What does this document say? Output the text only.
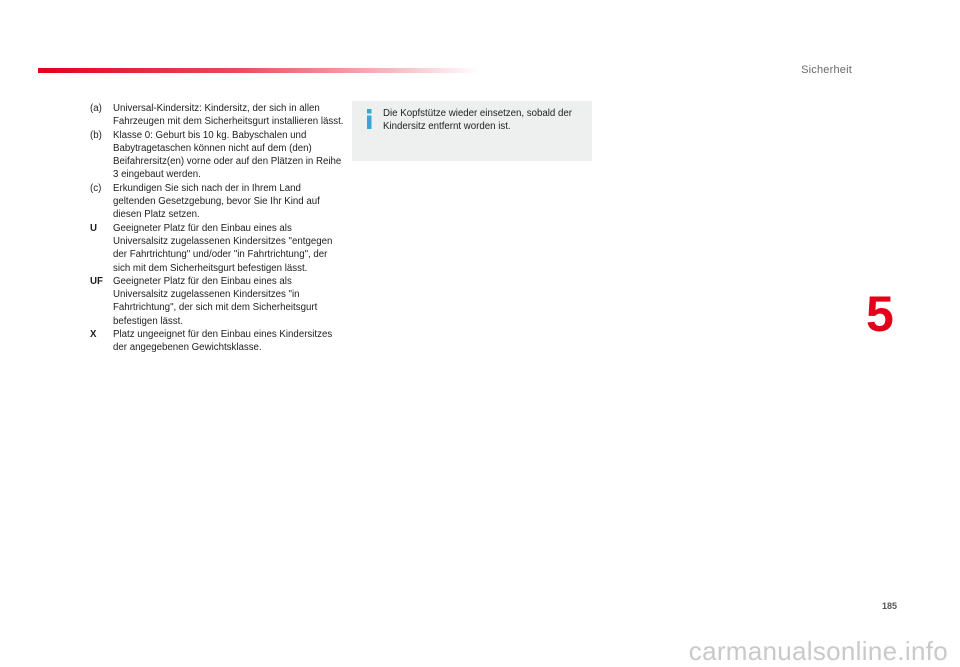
Sicherheit
(a)	Universal-Kindersitz: Kindersitz, der sich in allen Fahrzeugen mit dem Sicherheitsgurt installieren lässt.
(b)	Klasse 0: Geburt bis 10 kg. Babyschalen und Babytragetaschen können nicht auf dem (den) Beifahrersitz(en) vorne oder auf den Plätzen in Reihe 3 eingebaut werden.
(c)	Erkundigen Sie sich nach der in Ihrem Land geltenden Gesetzgebung, bevor Sie Ihr Kind auf diesen Platz setzen.
U	Geeigneter Platz für den Einbau eines als Universalsitz zugelassenen Kindersitzes "entgegen der Fahrtrichtung" und/oder "in Fahrtrichtung", der sich mit dem Sicherheitsgurt befestigen lässt.
UF	Geeigneter Platz für den Einbau eines als Universalsitz zugelassenen Kindersitzes "in Fahrtrichtung", der sich mit dem Sicherheitsgurt befestigen lässt.
X	Platz ungeeignet für den Einbau eines Kindersitzes der angegebenen Gewichtsklasse.
Die Kopfstütze wieder einsetzen, sobald der Kindersitz entfernt worden ist.
5
185
carmanualsonline.info
